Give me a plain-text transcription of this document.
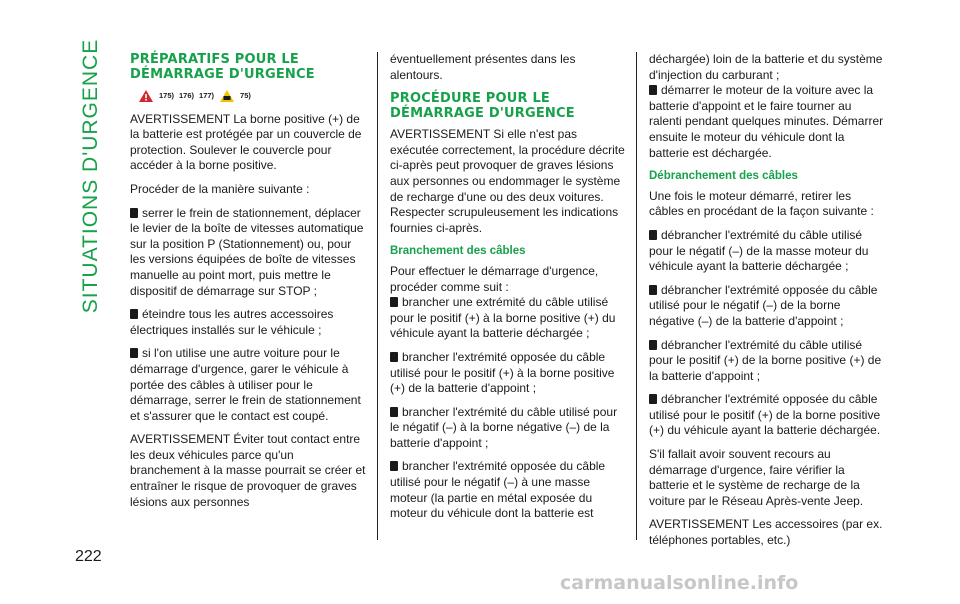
SITUATIONS D'URGENCE
222
PRÉPARATIFS POUR LE DÉMARRAGE D'URGENCE
175) 176) 177)	75)

AVERTISSEMENT La borne positive (+) de la batterie est protégée par un couvercle de protection. Soulever le couvercle pour accéder à la borne positive.

Procéder de la manière suivante :

serrer le frein de stationnement, déplacer le levier de la boîte de vitesses automatique sur la position P (Stationnement) ou, pour les versions équipées de boîte de vitesses manuelle au point mort, puis mettre le dispositif de démarrage sur STOP ;

éteindre tous les autres accessoires électriques installés sur le véhicule ;

si l'on utilise une autre voiture pour le démarrage d'urgence, garer le véhicule à portée des câbles à utiliser pour le démarrage, serrer le frein de stationnement et s'assurer que le contact est coupé.

AVERTISSEMENT Éviter tout contact entre les deux véhicules parce qu'un branchement à la masse pourrait se créer et entraîner le risque de provoquer de graves lésions aux personnes

éventuellement présentes dans les alentours.

PROCÉDURE POUR LE DÉMARRAGE D'URGENCE

AVERTISSEMENT Si elle n'est pas exécutée correctement, la procédure décrite ci-après peut provoquer de graves lésions aux personnes ou endommager le système de recharge d'une ou des deux voitures. Respecter scrupuleusement les indications fournies ci-après.

Branchement des câbles

Pour effectuer le démarrage d'urgence, procéder comme suit :

brancher une extrémité du câble utilisé pour le positif (+) à la borne positive (+) du véhicule ayant la batterie déchargée ;

brancher l'extrémité opposée du câble utilisé pour le positif (+) à la borne positive (+) de la batterie d'appoint ;

brancher l'extrémité du câble utilisé pour le négatif (–) à la borne négative (–) de la batterie d'appoint ;

brancher l'extrémité opposée du câble utilisé pour le négatif (–) à une masse moteur (la partie en métal exposée du moteur du véhicule dont la batterie est

déchargée) loin de la batterie et du système d'injection du carburant ;

démarrer le moteur de la voiture avec la batterie d'appoint et le faire tourner au ralenti pendant quelques minutes. Démarrer ensuite le moteur du véhicule dont la batterie est déchargée.

Débranchement des câbles

Une fois le moteur démarré, retirer les câbles en procédant de la façon suivante :

débrancher l'extrémité du câble utilisé pour le négatif (–) de la masse moteur du véhicule ayant la batterie déchargée ;

débrancher l'extrémité opposée du câble utilisé pour le négatif (–) de la borne négative (–) de la batterie d'appoint ;

débrancher l'extrémité du câble utilisé pour le positif (+) de la borne positive (+) de la batterie d'appoint ;

débrancher l'extrémité opposée du câble utilisé pour le positif (+) de la borne positive (+) du véhicule ayant la batterie déchargée.

S'il fallait avoir souvent recours au démarrage d'urgence, faire vérifier la batterie et le système de recharge de la voiture par le Réseau Après-vente Jeep.

AVERTISSEMENT Les accessoires (par ex. téléphones portables, etc.)

carmanualsonline.info
